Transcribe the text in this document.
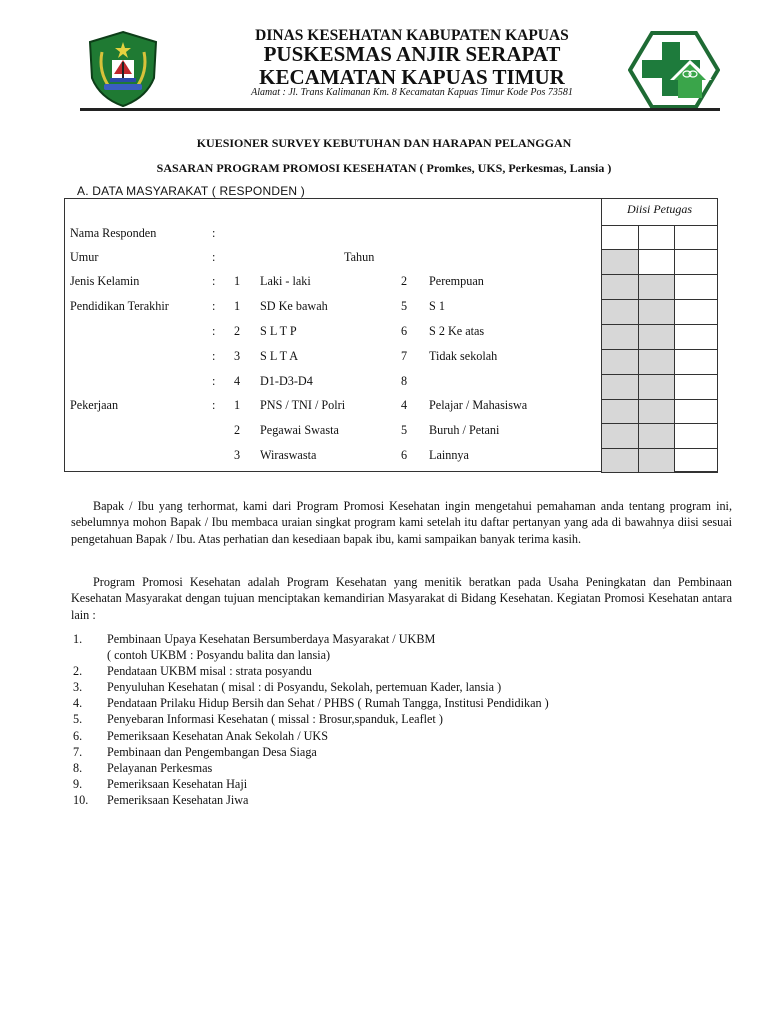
DINAS KESEHATAN KABUPATEN KAPUAS
PUSKESMAS ANJIR SERAPAT
KECAMATAN KAPUAS TIMUR
Alamat : Jl. Trans Kalimanan Km. 8 Kecamatan Kapuas Timur Kode Pos 73581
KUESIONER SURVEY KEBUTUHAN DAN HARAPAN PELANGGAN
SASARAN PROGRAM PROMOSI KESEHATAN ( Promkes, UKS, Perkesmas, Lansia )
A. DATA MASYARAKAT ( RESPONDEN )
Nama Responden	:
Umur	:	Tahun
Jenis Kelamin	: 1 Laki - laki	2 Perempuan
Pendidikan Terakhir	: 1 SD Ke bawah	5 S 1
: 2 S L T P	6 S 2 Ke atas
: 3 S L T A	7 Tidak sekolah
: 4 D1-D3-D4	8
Pekerjaan	: 1 PNS / TNI / Polri	4 Pelajar / Mahasiswa
2 Pegawai Swasta	5 Buruh / Petani
3 Wiraswasta	6 Lainnya
Diisi Petugas
Bapak / Ibu yang terhormat, kami dari Program Promosi Kesehatan ingin mengetahui pemahaman anda tentang program ini, sebelumnya mohon Bapak / Ibu membaca uraian singkat program kami setelah itu daftar pertanyan yang ada di bawahnya diisi sesuai pengetahuan Bapak / Ibu. Atas perhatian dan kesediaan bapak ibu, kami sampaikan banyak terima kasih.
Program Promosi Kesehatan adalah Program Kesehatan yang menitik beratkan pada Usaha Peningkatan dan Pembinaan Kesehatan Masyarakat dengan tujuan menciptakan kemandirian Masyarakat di Bidang Kesehatan. Kegiatan Promosi Kesehatan antara lain :
1.	Pembinaan Upaya Kesehatan Bersumberdaya Masyarakat / UKBM
( contoh UKBM : Posyandu balita dan lansia)
2.	Pendataan UKBM misal : strata posyandu
3.	Penyuluhan Kesehatan ( misal : di Posyandu, Sekolah, pertemuan Kader, lansia )
4.	Pendataan Prilaku Hidup Bersih dan Sehat / PHBS ( Rumah Tangga, Institusi Pendidikan )
5.	Penyebaran Informasi Kesehatan ( missal : Brosur,spanduk, Leaflet )
6.	Pemeriksaan Kesehatan Anak Sekolah / UKS
7.	Pembinaan dan Pengembangan Desa Siaga
8.	Pelayanan Perkesmas
9.	Pemeriksaan Kesehatan Haji
10.	Pemeriksaan Kesehatan Jiwa
